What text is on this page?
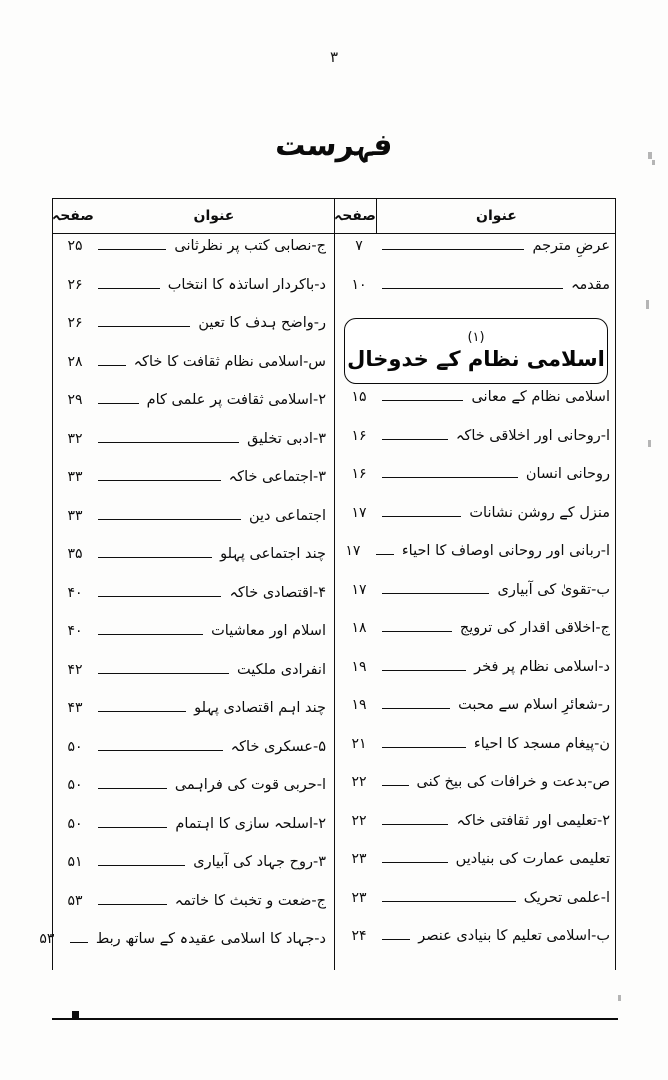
۳
فہرست
عنوان
صفحہ
عنوان
صفحہ
عرضِ مترجم
۷
مقدمہ
۱۰
(۱)
اسلامی نظام کے خدوخال
اسلامی نظام کے معانی
۱۵
ا-روحانی اور اخلاقی خاکہ
۱۶
روحانی انسان
۱۶
منزل کے روشن نشانات
۱۷
ا-ربانی اور روحانی اوصاف کا احیاء
۱۷
ب-تقویٰ کی آبیاری
۱۷
ج-اخلاقی اقدار کی ترویج
۱۸
د-اسلامی نظام پر فخر
۱۹
ر-شعائرِ اسلام سے محبت
۱۹
ن-پیغام مسجد کا احیاء
۲۱
ص-بدعت و خرافات کی بیخ کنی
۲۲
۲-تعلیمی اور ثقافتی خاکہ
۲۲
تعلیمی عمارت کی بنیادیں
۲۳
ا-علمی تحریک
۲۳
ب-اسلامی تعلیم کا بنیادی عنصر
۲۴
ج-نصابی کتب پر نظرثانی
۲۵
د-باکردار اساتذہ کا انتخاب
۲۶
ر-واضح ہدف کا تعین
۲۶
س-اسلامی نظام ثقافت کا خاکہ
۲۸
۲-اسلامی ثقافت پر علمی کام
۲۹
۳-ادبی تخلیق
۳۲
۳-اجتماعی خاکہ
۳۳
اجتماعی دین
۳۳
چند اجتماعی پہلو
۳۵
۴-اقتصادی خاکہ
۴۰
اسلام اور معاشیات
۴۰
انفرادی ملکیت
۴۲
چند اہم اقتصادی پہلو
۴۳
۵-عسکری خاکہ
۵۰
ا-حربی قوت کی فراہمی
۵۰
۲-اسلحہ سازی کا اہتمام
۵۰
۳-روح جہاد کی آبیاری
۵۱
ج-ضعت و تخبث کا خاتمہ
۵۳
د-جہاد کا اسلامی عقیدہ کے ساتھ ربط
۵۳
